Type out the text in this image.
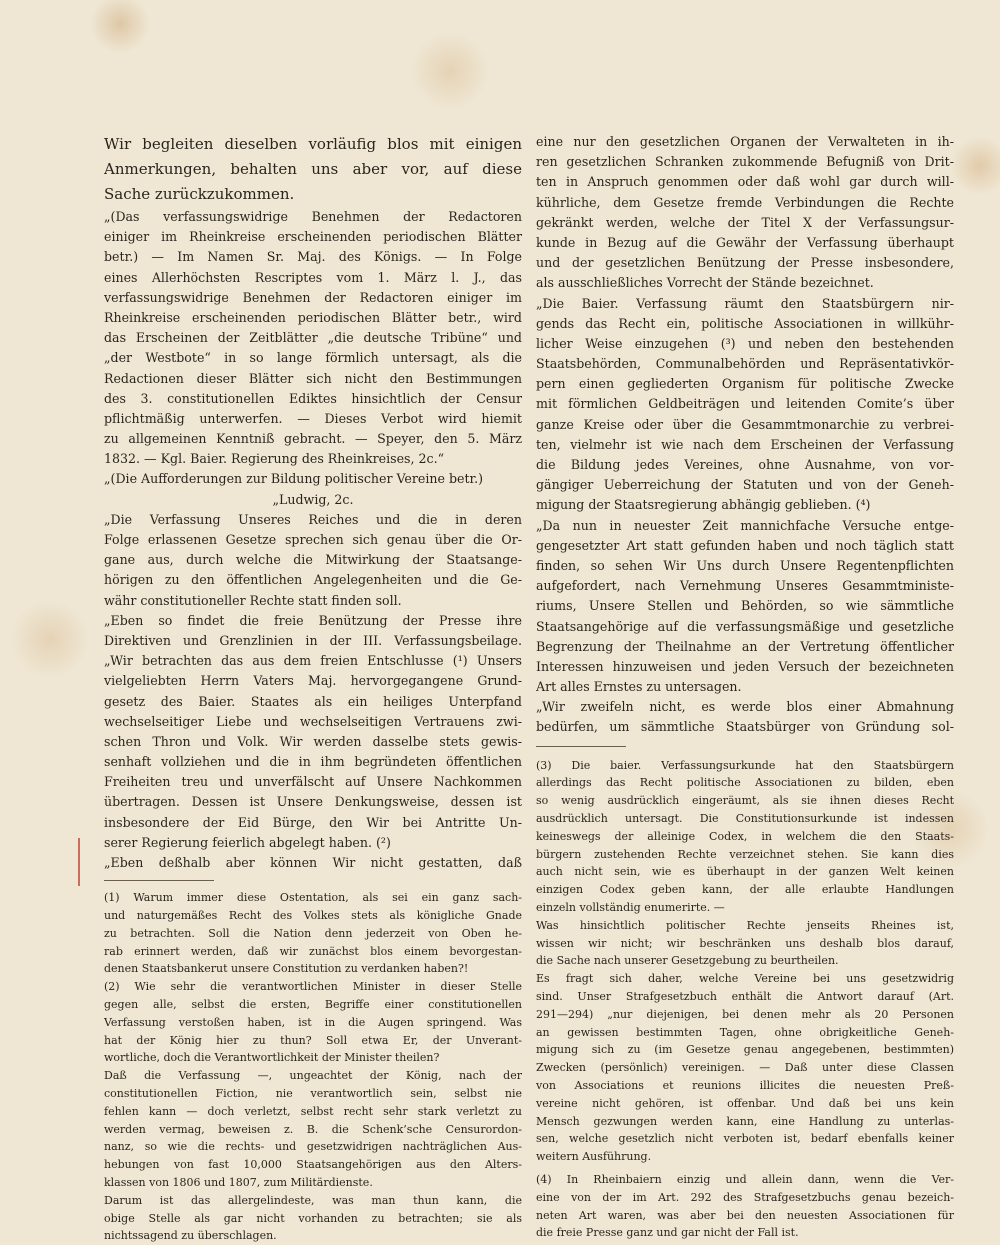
Wir begleiten dieselben vorläufig blos mit einigen
Anmerkungen, behalten uns aber vor, auf diese
Sache zurückzukommen.
„(Das verfassungswidrige Benehmen der Redactoren
einiger im Rheinkreise erscheinenden periodischen Blätter
betr.) — Im Namen Sr. Maj. des Königs. — In Folge
eines Allerhöchsten Rescriptes vom 1. März l. J., das
verfassungswidrige Benehmen der Redactoren einiger im
Rheinkreise erscheinenden periodischen Blätter betr., wird
das Erscheinen der Zeitblätter „die deutsche Tribüne“ und
„der Westbote“ in so lange förmlich untersagt, als die
Redactionen dieser Blätter sich nicht den Bestimmungen
des 3. constitutionellen Ediktes hinsichtlich der Censur
pflichtmäßig unterwerfen. — Dieses Verbot wird hiemit
zu allgemeinen Kenntniß gebracht. — Speyer, den 5. März
1832. — Kgl. Baier. Regierung des Rheinkreises, 2c.“
„(Die Aufforderungen zur Bildung politischer Vereine betr.)
„Ludwig, 2c.
„Die Verfassung Unseres Reiches und die in deren
Folge erlassenen Gesetze sprechen sich genau über die Or-
gane aus, durch welche die Mitwirkung der Staatsange-
hörigen zu den öffentlichen Angelegenheiten und die Ge-
währ constitutioneller Rechte statt finden soll.
„Eben so findet die freie Benützung der Presse ihre
Direktiven und Grenzlinien in der III. Verfassungsbeilage.
„Wir betrachten das aus dem freien Entschlusse (¹) Unsers
vielgeliebten Herrn Vaters Maj. hervorgegangene Grund-
gesetz des Baier. Staates als ein heiliges Unterpfand
wechselseitiger Liebe und wechselseitigen Vertrauens zwi-
schen Thron und Volk. Wir werden dasselbe stets gewis-
senhaft vollziehen und die in ihm begründeten öffentlichen
Freiheiten treu und unverfälscht auf Unsere Nachkommen
übertragen. Dessen ist Unsere Denkungsweise, dessen ist
insbesondere der Eid Bürge, den Wir bei Antritte Un-
serer Regierung feierlich abgelegt haben. (²)
„Eben deßhalb aber können Wir nicht gestatten, daß
(1) Warum immer diese Ostentation, als sei ein ganz sach-
und naturgemäßes Recht des Volkes stets als königliche Gnade
zu betrachten. Soll die Nation denn jederzeit von Oben he-
rab erinnert werden, daß wir zunächst blos einem bevorgestan-
denen Staatsbankerut unsere Constitution zu verdanken haben?!
(2) Wie sehr die verantwortlichen Minister in dieser Stelle
gegen alle, selbst die ersten, Begriffe einer constitutionellen
Verfassung verstoßen haben, ist in die Augen springend. Was
hat der König hier zu thun? Soll etwa Er, der Unverant-
wortliche, doch die Verantwortlichkeit der Minister theilen?
Daß die Verfassung —, ungeachtet der König, nach der
constitutionellen Fiction, nie verantwortlich sein, selbst nie
fehlen kann — doch verletzt, selbst recht sehr stark verletzt zu
werden vermag, beweisen z. B. die Schenk’sche Censurordon-
nanz, so wie die rechts- und gesetzwidrigen nachträglichen Aus-
hebungen von fast 10,000 Staatsangehörigen aus den Alters-
klassen von 1806 und 1807, zum Militärdienste.
Darum ist das allergelindeste, was man thun kann, die
obige Stelle als gar nicht vorhanden zu betrachten; sie als
nichtssagend zu überschlagen.
eine nur den gesetzlichen Organen der Verwalteten in ih-
ren gesetzlichen Schranken zukommende Befugniß von Drit-
ten in Anspruch genommen oder daß wohl gar durch will-
kührliche, dem Gesetze fremde Verbindungen die Rechte
gekränkt werden, welche der Titel X der Verfassungsur-
kunde in Bezug auf die Gewähr der Verfassung überhaupt
und der gesetzlichen Benützung der Presse insbesondere,
als ausschließliches Vorrecht der Stände bezeichnet.
„Die Baier. Verfassung räumt den Staatsbürgern nir-
gends das Recht ein, politische Associationen in willkühr-
licher Weise einzugehen (³) und neben den bestehenden
Staatsbehörden, Communalbehörden und Repräsentativkör-
pern einen gegliederten Organism für politische Zwecke
mit förmlichen Geldbeiträgen und leitenden Comite’s über
ganze Kreise oder über die Gesammtmonarchie zu verbrei-
ten, vielmehr ist wie nach dem Erscheinen der Verfassung
die Bildung jedes Vereines, ohne Ausnahme, von vor-
gängiger Ueberreichung der Statuten und von der Geneh-
migung der Staatsregierung abhängig geblieben. (⁴)
„Da nun in neuester Zeit mannichfache Versuche entge-
gengesetzter Art statt gefunden haben und noch täglich statt
finden, so sehen Wir Uns durch Unsere Regentenpflichten
aufgefordert, nach Vernehmung Unseres Gesammtministe-
riums, Unsere Stellen und Behörden, so wie sämmtliche
Staatsangehörige auf die verfassungsmäßige und gesetzliche
Begrenzung der Theilnahme an der Vertretung öffentlicher
Interessen hinzuweisen und jeden Versuch der bezeichneten
Art alles Ernstes zu untersagen.
„Wir zweifeln nicht, es werde blos einer Abmahnung
bedürfen, um sämmtliche Staatsbürger von Gründung sol-
(3) Die baier. Verfassungsurkunde hat den Staatsbürgern
allerdings das Recht politische Associationen zu bilden, eben
so wenig ausdrücklich eingeräumt, als sie ihnen dieses Recht
ausdrücklich untersagt. Die Constitutionsurkunde ist indessen
keineswegs der alleinige Codex, in welchem die den Staats-
bürgern zustehenden Rechte verzeichnet stehen. Sie kann dies
auch nicht sein, wie es überhaupt in der ganzen Welt keinen
einzigen Codex geben kann, der alle erlaubte Handlungen
einzeln vollständig enumerirte. —
Was hinsichtlich politischer Rechte jenseits Rheines ist,
wissen wir nicht; wir beschränken uns deshalb blos darauf,
die Sache nach unserer Gesetzgebung zu beurtheilen.
Es fragt sich daher, welche Vereine bei uns gesetzwidrig
sind. Unser Strafgesetzbuch enthält die Antwort darauf (Art.
291—294) „nur diejenigen, bei denen mehr als 20 Personen
an gewissen bestimmten Tagen, ohne obrigkeitliche Geneh-
migung sich zu (im Gesetze genau angegebenen, bestimmten)
Zwecken (persönlich) vereinigen. — Daß unter diese Classen
von Associations et reunions illicites die neuesten Preß-
vereine nicht gehören, ist offenbar. Und daß bei uns kein
Mensch gezwungen werden kann, eine Handlung zu unterlas-
sen, welche gesetzlich nicht verboten ist, bedarf ebenfalls keiner
weitern Ausführung.
(4) In Rheinbaiern einzig und allein dann, wenn die Ver-
eine von der im Art. 292 des Strafgesetzbuchs genau bezeich-
neten Art waren, was aber bei den neuesten Associationen für
die freie Presse ganz und gar nicht der Fall ist.
